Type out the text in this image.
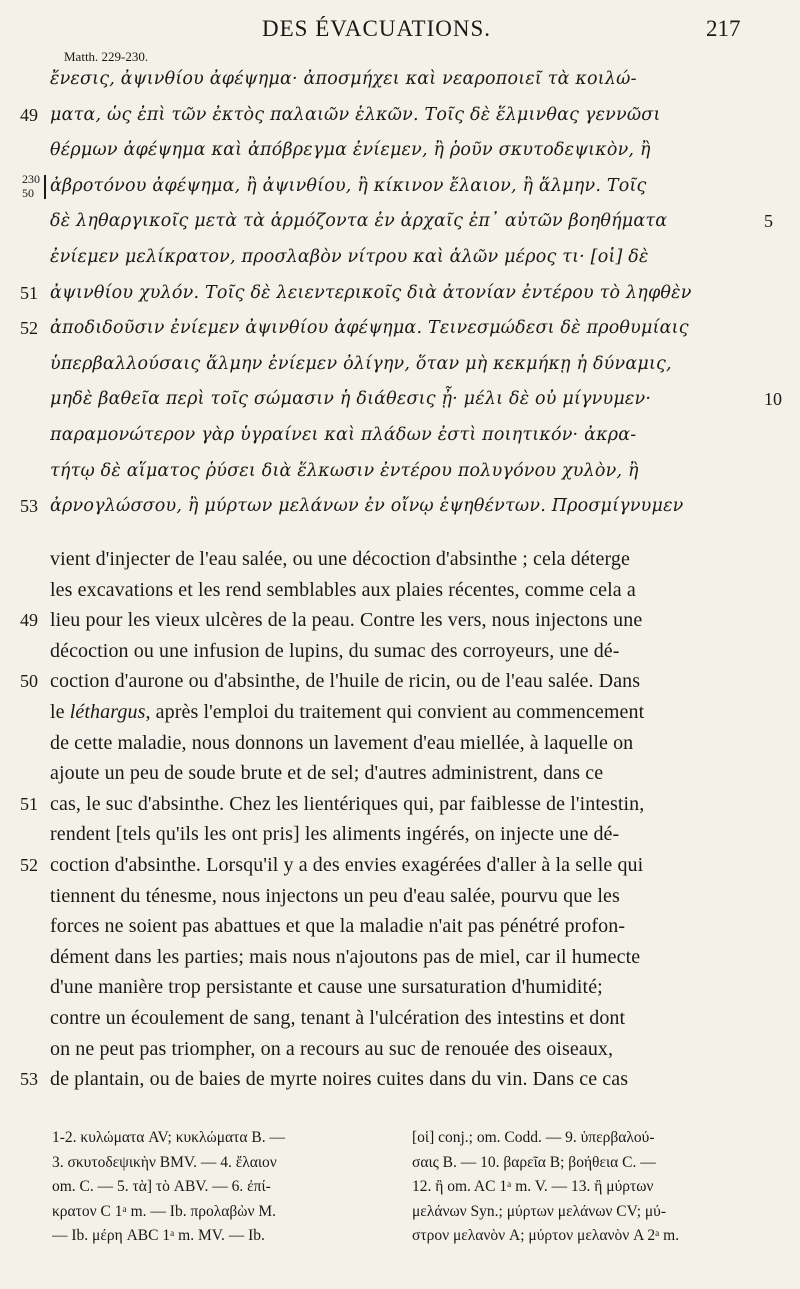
DES ÉVACUATIONS.	217
Matth. 229-230.
ἔνεσις, ἀψινθίου ἀφέψημα· ἀποσμήχει καὶ νεαροποιεῖ τὰ κοιλώ-
ματα, ὡς ἐπὶ τῶν ἐκτὸς παλαιῶν ἑλκῶν. Τοῖς δὲ ἕλμινθας γεννῶσι
θέρμων ἀφέψημα καὶ ἀπόβρεγμα ἐνίεμεν, ἢ ῥοῦν σκυτοδεψικὸν, ἢ
ἀβροτόνου ἀφέψημα, ἢ ἀψινθίου, ἢ κίκινον ἔλαιον, ἢ ἅλμην. Τοῖς
δὲ ληθαργικοῖς μετὰ τὰ ἁρμόζοντα ἐν ἀρχαῖς ἐπ᾽ αὐτῶν βοηθήματα
ἐνίεμεν μελίκρατον, προσλαβὸν νίτρου καὶ ἁλῶν μέρος τι· [οἱ] δὲ
ἀψινθίου χυλόν. Τοῖς δὲ λειεντερικοῖς διὰ ἀτονίαν ἐντέρου τὸ ληφθὲν
ἀποδιδοῦσιν ἐνίεμεν ἀψινθίου ἀφέψημα. Τεινεσμώδεσι δὲ προθυμίαις
ὑπερβαλλούσαις ἅλμην ἐνίεμεν ὀλίγην, ὅταν μὴ κεκμήκῃ ἡ δύναμις,
μηδὲ βαθεῖα περὶ τοῖς σώμασιν ἡ διάθεσις ᾖ· μέλι δὲ οὐ μίγνυμεν·
παραμονώτερον γὰρ ὑγραίνει καὶ πλάδων ἐστὶ ποιητικόν· ἀκρα-
τήτῳ δὲ αἵματος ῥύσει διὰ ἕλκωσιν ἐντέρου πολυγόνου χυλὸν, ἢ
ἀρνογλώσσου, ἢ μύρτων μελάνων ἐν οἴνῳ ἑψηθέντων. Προσμίγνυμεν
49
230
50
51
52
53
5
10
vient d'injecter de l'eau salée, ou une décoction d'absinthe ; cela déterge
les excavations et les rend semblables aux plaies récentes, comme cela a
lieu pour les vieux ulcères de la peau. Contre les vers, nous injectons une
décoction ou une infusion de lupins, du sumac des corroyeurs, une dé-
coction d'aurone ou d'absinthe, de l'huile de ricin, ou de l'eau salée. Dans
le léthargus, après l'emploi du traitement qui convient au commencement
de cette maladie, nous donnons un lavement d'eau miellée, à laquelle on
ajoute un peu de soude brute et de sel; d'autres administrent, dans ce
cas, le suc d'absinthe. Chez les lientériques qui, par faiblesse de l'intestin,
rendent [tels qu'ils les ont pris] les aliments ingérés, on injecte une dé-
coction d'absinthe. Lorsqu'il y a des envies exagérées d'aller à la selle qui
tiennent du ténesme, nous injectons un peu d'eau salée, pourvu que les
forces ne soient pas abattues et que la maladie n'ait pas pénétré profon-
dément dans les parties; mais nous n'ajoutons pas de miel, car il humecte
d'une manière trop persistante et cause une sursaturation d'humidité;
contre un écoulement de sang, tenant à l'ulcération des intestins et dont
on ne peut pas triompher, on a recours au suc de renouée des oiseaux,
de plantain, ou de baies de myrte noires cuites dans du vin. Dans ce cas
49
50
51
52
53
1-2. κυλώματα AV; κυκλώματα B. —
3. σκυτοδεψικὴν BMV. — 4. ἔλαιον
om. C. — 5. τὰ] τὸ ABV. — 6. ἐπί-
κρατον C 1ᵃ m. — Ib. προλαβὼν M.
— Ib. μέρη ABC 1ᵃ m. MV. — Ib.
[οἱ] conj.; om. Codd. — 9. ὑπερβαλού-
σαις B. — 10. βαρεῖα B; βοήθεια C. —
12. ἢ om. AC 1ᵃ m. V. — 13. ἢ μύρτων
μελάνων Syn.; μύρτων μελάνων CV; μύ-
στρον μελανὸν A; μύρτον μελανὸν A 2ᵃ m.
